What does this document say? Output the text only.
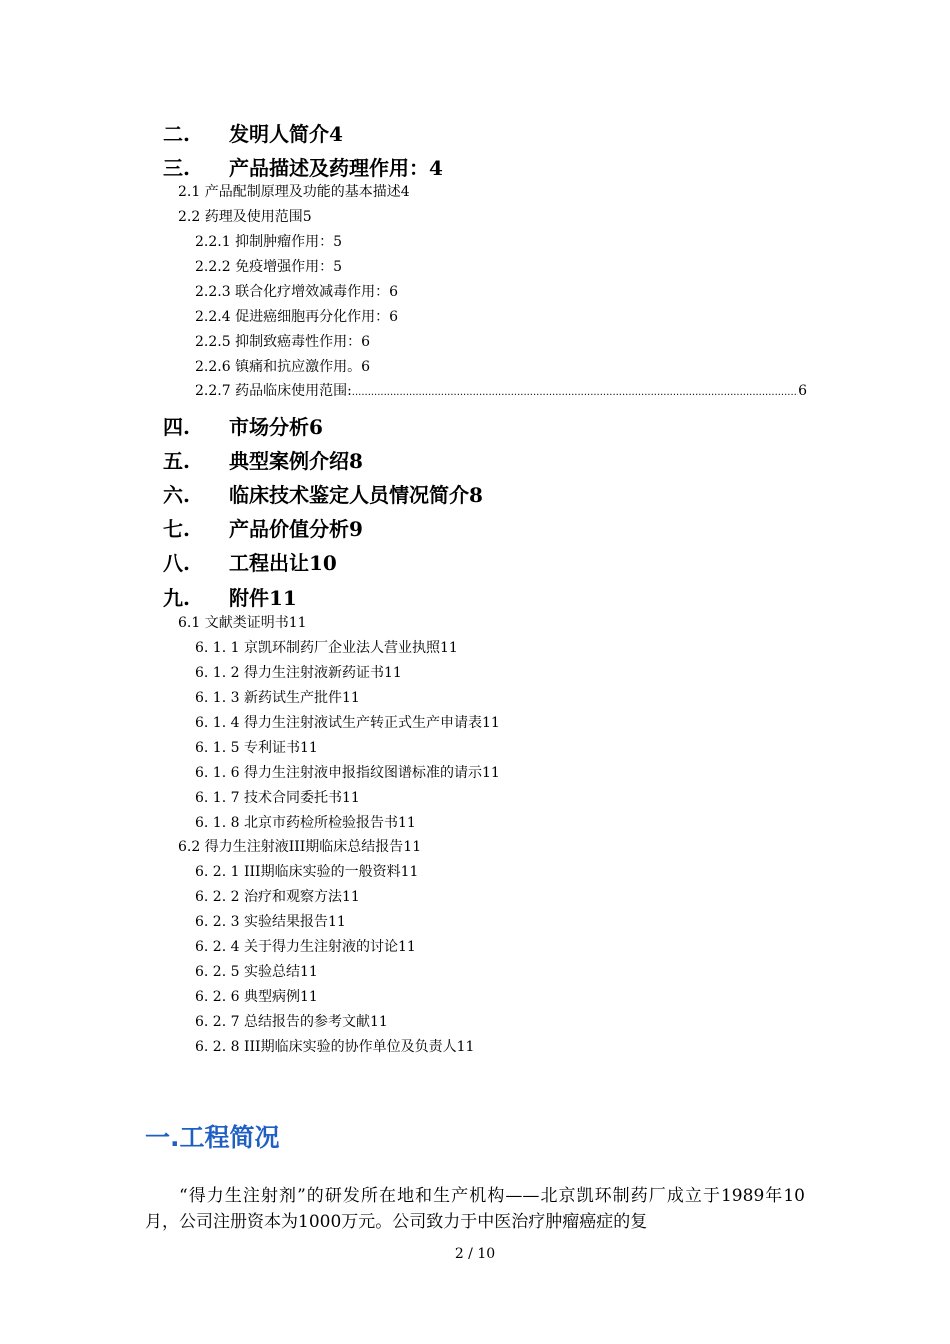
二. 发明人简介4
三. 产品描述及药理作用：4
2.1 产品配制原理及功能的基本描述4
2.2 药理及使用范围5
2.2.1 抑制肿瘤作用：5
2.2.2 免疫增强作用：5
2.2.3 联合化疗增效减毒作用：6
2.2.4 促进癌细胞再分化作用：6
2.2.5 抑制致癌毒性作用：6
2.2.6 镇痛和抗应激作用。6
2.2.7 药品临床使用范围:
.....	6
四. 市场分析6
五. 典型案例介绍8
六. 临床技术鉴定人员情况简介8
七. 产品价值分析9
八. 工程出让10
九. 附件11
6.1 文献类证明书11
6. 1. 1 京凯环制药厂企业法人营业执照11
6. 1. 2 得力生注射液新药证书11
6. 1. 3 新药试生产批件11
6. 1. 4 得力生注射液试生产转正式生产申请表11
6. 1. 5 专利证书11
6. 1. 6 得力生注射液申报指纹图谱标准的请示11
6. 1. 7 技术合同委托书11
6. 1. 8 北京市药检所检验报告书11
6.2 得力生注射液III期临床总结报告11
6. 2. 1 III期临床实验的一般资料11
6. 2. 2 治疗和观察方法11
6. 2. 3 实验结果报告11
6. 2. 4 关于得力生注射液的讨论11
6. 2. 5 实验总结11
6. 2. 6 典型病例11
6. 2. 7 总结报告的参考文献11
6. 2. 8 III期临床实验的协作单位及负责人11
一.工程简况
“得力生注射剂”的研发所在地和生产机构——北京凯环制药厂成立于1989年10月，公司注册资本为1000万元。公司致力于中医治疗肿瘤癌症的复
2 / 10
